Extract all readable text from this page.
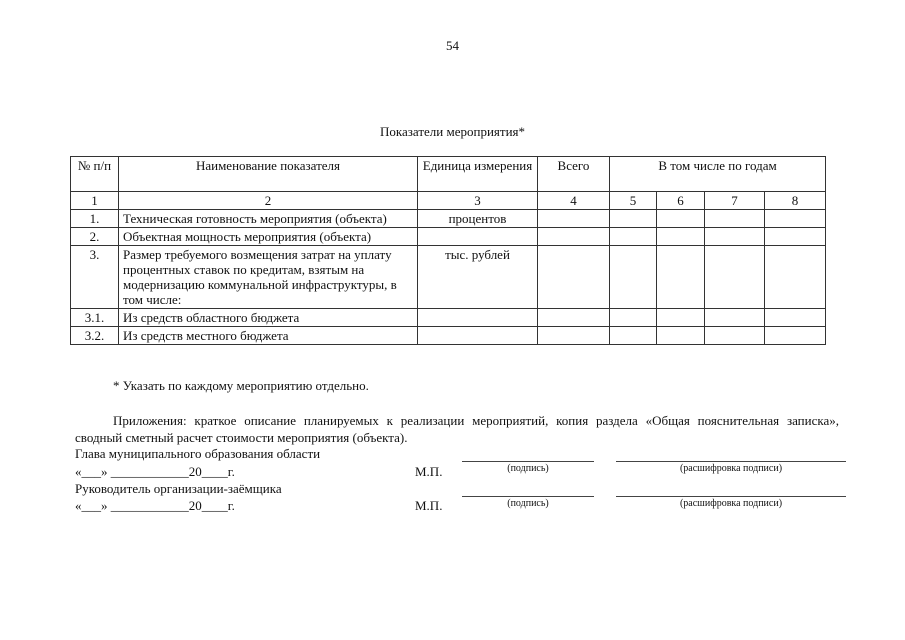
54
Показатели мероприятия*
№ п/п	Наименование показателя	Единица измерения	Всего	В том числе по годам			
1	2	3	4	5	6	7	8
1.	Техническая готовность мероприятия (объекта)	процентов					
2.	Объектная мощность мероприятия (объекта)						
3.	Размер требуемого возмещения затрат на уплату процентных ставок по кредитам, взятым на модернизацию коммунальной инфраструктуры, в том числе:	тыс. рублей					
3.1.	Из средств областного бюджета						
3.2.	Из средств местного бюджета						
* Указать по каждому мероприятию отдельно.
Приложения: краткое описание планируемых к реализации мероприятий, копия раздела «Общая пояснительная записка», сводный сметный расчет стоимости мероприятия (объекта).
Глава муниципального образования области
«___» ____________20____г.	М.П.	(подпись)	(расшифровка подписи)
Руководитель организации-заёмщика
«___» ____________20____г.	М.П.	(подпись)	(расшифровка подписи)
